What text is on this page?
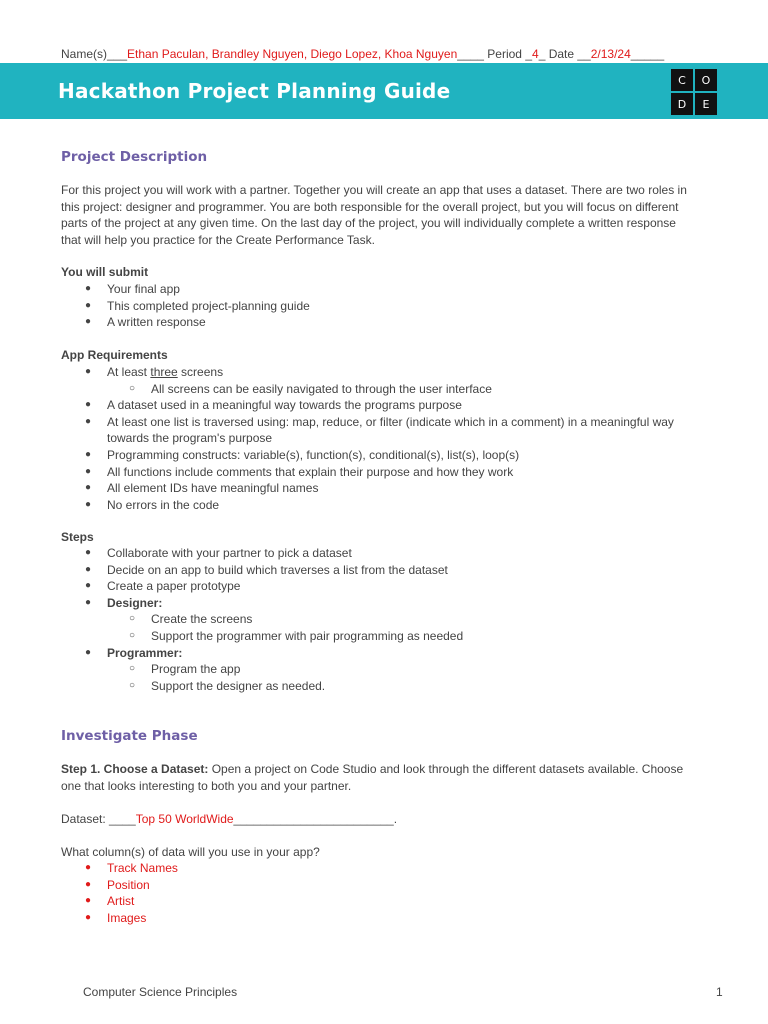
Name(s)___Ethan Paculan, Brandley Nguyen, Diego Lopez, Khoa Nguyen____ Period _4_ Date __2/13/24_____
Hackathon Project Planning Guide	C	O
D	E
Project Description
For this project you will work with a partner. Together you will create an app that uses a dataset. There are two roles in
this project: designer and programmer. You are both responsible for the overall project, but you will focus on different
parts of the project at any given time. On the last day of the project, you will individually complete a written response
that will help you practice for the Create Performance Task.
You will submit
● Your final app
● This completed project-planning guide
● A written response
App Requirements
● At least three screens
○ All screens can be easily navigated to through the user interface
● A dataset used in a meaningful way towards the programs purpose
● At least one list is traversed using: map, reduce, or filter (indicate which in a comment) in a meaningful way
towards the program's purpose
● Programming constructs: variable(s), function(s), conditional(s), list(s), loop(s)
● All functions include comments that explain their purpose and how they work
● All element IDs have meaningful names
● No errors in the code
Steps
● Collaborate with your partner to pick a dataset
● Decide on an app to build which traverses a list from the dataset
● Create a paper prototype
● Designer:
○ Create the screens
○ Support the programmer with pair programming as needed
● Programmer:
○ Program the app
○ Support the designer as needed.
Investigate Phase
Step 1. Choose a Dataset: Open a project on Code Studio and look through the different datasets available. Choose
one that looks interesting to both you and your partner.
Dataset: ____Top 50 WorldWide________________________.
What column(s) of data will you use in your app?
● Track Names
● Position
● Artist
● Images
Computer Science Principles	1
